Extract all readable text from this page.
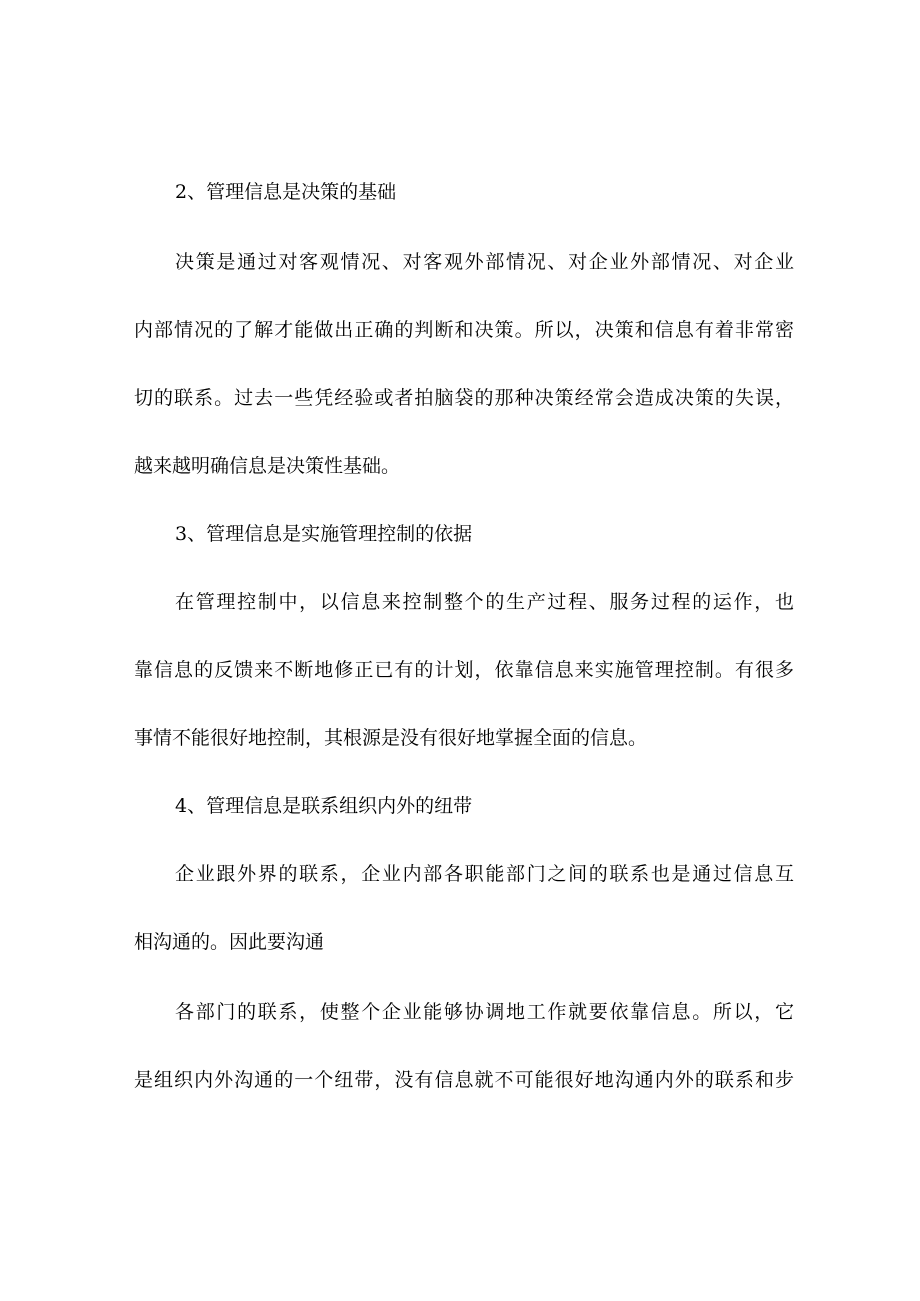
2、管理信息是决策的基础
决策是通过对客观情况、对客观外部情况、对企业外部情况、对企业
内部情况的了解才能做出正确的判断和决策。所以，决策和信息有着非常密
切的联系。过去一些凭经验或者拍脑袋的那种决策经常会造成决策的失误，
越来越明确信息是决策性基础。
3、管理信息是实施管理控制的依据
在管理控制中，以信息来控制整个的生产过程、服务过程的运作，也
靠信息的反馈来不断地修正已有的计划，依靠信息来实施管理控制。有很多
事情不能很好地控制，其根源是没有很好地掌握全面的信息。
4、管理信息是联系组织内外的纽带
企业跟外界的联系，企业内部各职能部门之间的联系也是通过信息互
相沟通的。因此要沟通
各部门的联系，使整个企业能够协调地工作就要依靠信息。所以，它
是组织内外沟通的一个纽带，没有信息就不可能很好地沟通内外的联系和步
